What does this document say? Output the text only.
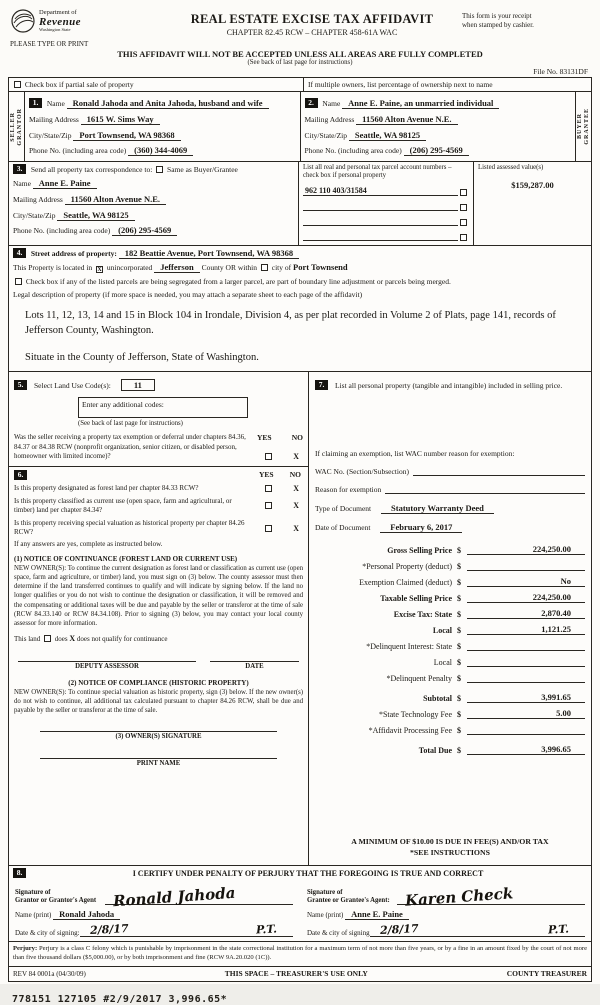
Department of
Revenue
Washington State
PLEASE TYPE OR PRINT
REAL ESTATE EXCISE TAX AFFIDAVIT
CHAPTER 82.45 RCW – CHAPTER 458-61A WAC
This form is your receipt
when stamped by cashier.
THIS AFFIDAVIT WILL NOT BE ACCEPTED UNLESS ALL AREAS ARE FULLY COMPLETED
(See back of last page for instructions)
File No. 83131DF
Check box if partial sale of property	If multiple owners, list percentage of ownership next to name
SELLER GRANTOR
1. Name Ronald Jahoda and Anita Jahoda, husband and wife
Mailing Address 1615 W. Sims Way
City/State/Zip Port Townsend, WA 98368
Phone No. (including area code) (360) 344-4069
2. Name Anne E. Paine, an unmarried individual
Mailing Address 11560 Alton Avenue N.E.
City/State/Zip Seattle, WA 98125
Phone No. (including area code) (206) 295-4569
BUYER GRANTEE
3. Send all property tax correspondence to: Same as Buyer/Grantee
Name Anne E. Paine
Mailing Address 11560 Alton Avenue N.E.
City/State/Zip Seattle, WA 98125
Phone No. (including area code) (206) 295-4569
List all real and personal tax parcel account numbers – check box if personal property
962 110 403/31584
Listed assessed value(s)
$159,287.00
4. Street address of property: 182 Beattie Avenue, Port Townsend, WA 98368
This Property is located in X unincorporated Jefferson County OR within city of Port Townsend
Check box if any of the listed parcels are being segregated from a larger parcel, are part of boundary line adjustment or parcels being merged.
Legal description of property (if more space is needed, you may attach a separate sheet to each page of the affidavit)
Lots 11, 12, 13, 14 and 15 in Block 104 in Irondale, Division 4, as per plat recorded in Volume 2 of Plats, page 141, records of Jefferson County, Washington.
Situate in the County of Jefferson, State of Washington.
5. Select Land Use Code(s):	11
Enter any additional codes:
(See back of last page for instructions)
Was the seller receiving a property tax exemption or deferral under chapters 84.36, 84.37 or 84.38 RCW (nonprofit organization, senior citizen, or disabled person, homeowner with limited income)?
YES	NO
X
6.	YES NO
Is this property designated as forest land per chapter 84.33 RCW?	X
Is this property classified as current use (open space, farm and agricultural, or timber) land per chapter 84.34?	X
Is this property receiving special valuation as historical property per chapter 84.26 RCW?	X
If any answers are yes, complete as instructed below.
(1) NOTICE OF CONTINUANCE (FOREST LAND OR CURRENT USE)
NEW OWNER(S): To continue the current designation as forest land or classification as current use (open space, farm and agriculture, or timber) land, you must sign on (3) below. The county assessor must then determine if the land transferred continues to qualify and will indicate by signing below. If the land no longer qualifies or you do not wish to continue the designation or classification, it will be removed and the compensating or additional taxes will be due and payable by the seller or transferor at the time of sale (RCW 84.33.140 or RCW 84.34.108). Prior to signing (3) below, you may contact your local county assessor for more information.
This land does X does not qualify for continuance
DEPUTY ASSESSOR	DATE
(2) NOTICE OF COMPLIANCE (HISTORIC PROPERTY)
NEW OWNER(S): To continue special valuation as historic property, sign (3) below. If the new owner(s) do not wish to continue, all additional tax calculated pursuant to chapter 84.26 RCW, shall be due and payable by the seller or transferor at the time of sale.
(3) OWNER(S) SIGNATURE
PRINT NAME
7. List all personal property (tangible and intangible) included in selling price.
If claiming an exemption, list WAC number reason for exemption:
WAC No. (Section/Subsection)
Reason for exemption
Type of Document Statutory Warranty Deed
Date of Document February 6, 2017
Gross Selling Price $	224,250.00
*Personal Property (deduct) $
Exemption Claimed (deduct) $	No
Taxable Selling Price $	224,250.00
Excise Tax: State $	2,870.40
Local $	1,121.25
*Delinquent Interest: State $
Local $
*Delinquent Penalty $
Subtotal $	3,991.65
*State Technology Fee $	5.00
*Affidavit Processing Fee $
Total Due $	3,996.65
A MINIMUM OF $10.00 IS DUE IN FEE(S) AND/OR TAX
*SEE INSTRUCTIONS
8.	I CERTIFY UNDER PENALTY OF PERJURY THAT THE FOREGOING IS TRUE AND CORRECT
Signature of
Grantor or Grantor's Agent	Ronald Jahoda
Name (print) Ronald Jahoda
Date & city of signing: 2/8/17	P.T.
Signature of
Grantee or Grantee's Agent: Karen Check
Name (print) Anne E. Paine
Date & city of signing 2/8/17	P.T.
Perjury: Perjury is a class C felony which is punishable by imprisonment in the state correctional institution for a maximum term of not more than five years, or by a fine in an amount fixed by the court of not more than five thousand dollars ($5,000.00), or by both imprisonment and fine (RCW 9A.20.020 (1C)).
REV 84 0001a (04/30/09)	THIS SPACE – TREASURER'S USE ONLY	COUNTY TREASURER
778151 127105 #2/9/2017 3,996.65*
